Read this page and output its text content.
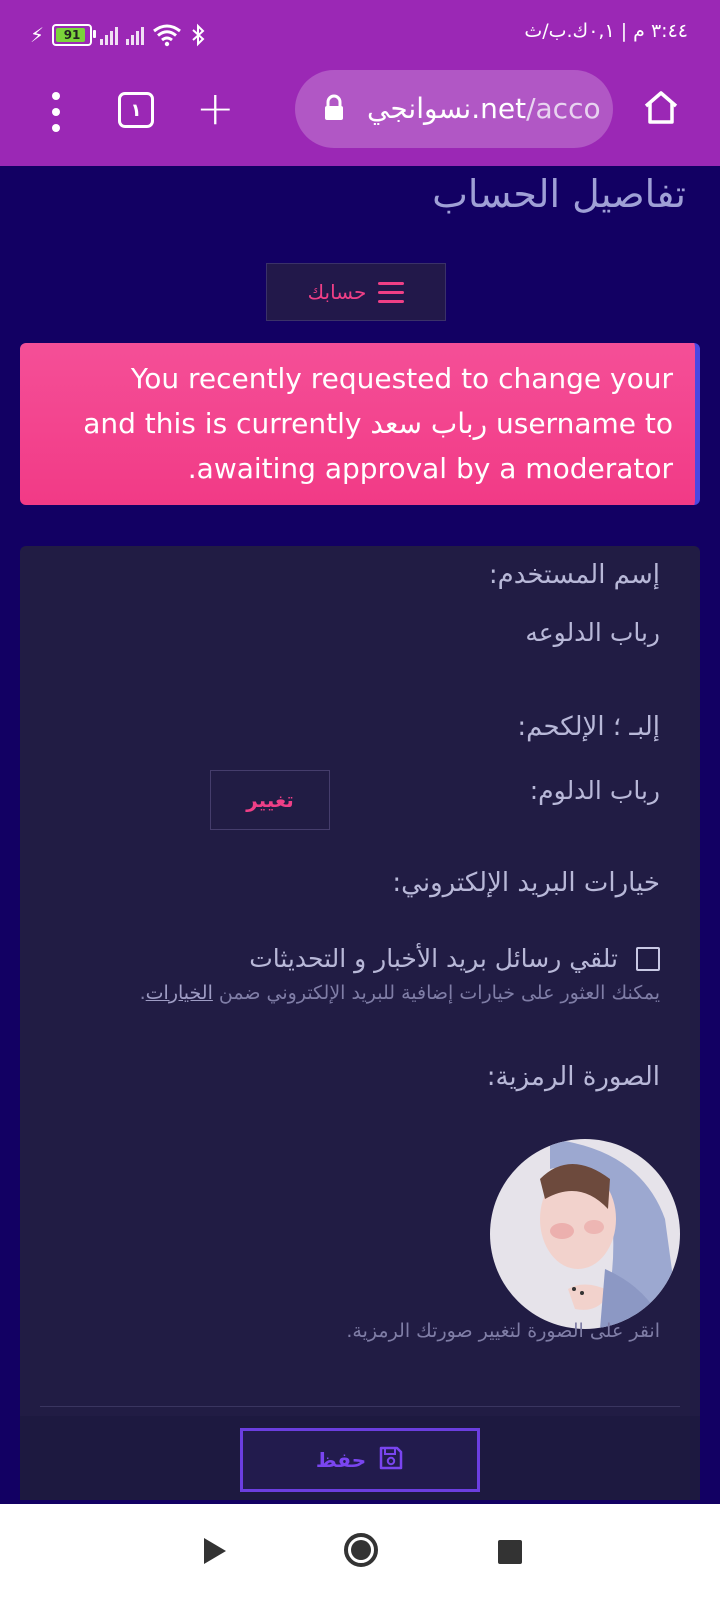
⚡ 91	٣:٤٤ م | ٠,١ك.ب/ث
١ +	نسوانجي.net/acco
تفاصيل الحساب
حسابك
You recently requested to change your username to رباب سعد and this is currently awaiting approval by a moderator.
إسم المستخدم:
رباب الدلوعه
إلبـ ؛ الإلكحم:
رباب الدلوم:
تغيير
خيارات البريد الإلكتروني:
تلقي رسائل بريد الأخبار و التحديثات
يمكنك العثور على خيارات إضافية للبريد الإلكتروني ضمن الخيارات.
الصورة الرمزية:
انقر على الصورة لتغيير صورتك الرمزية.
حفظ
